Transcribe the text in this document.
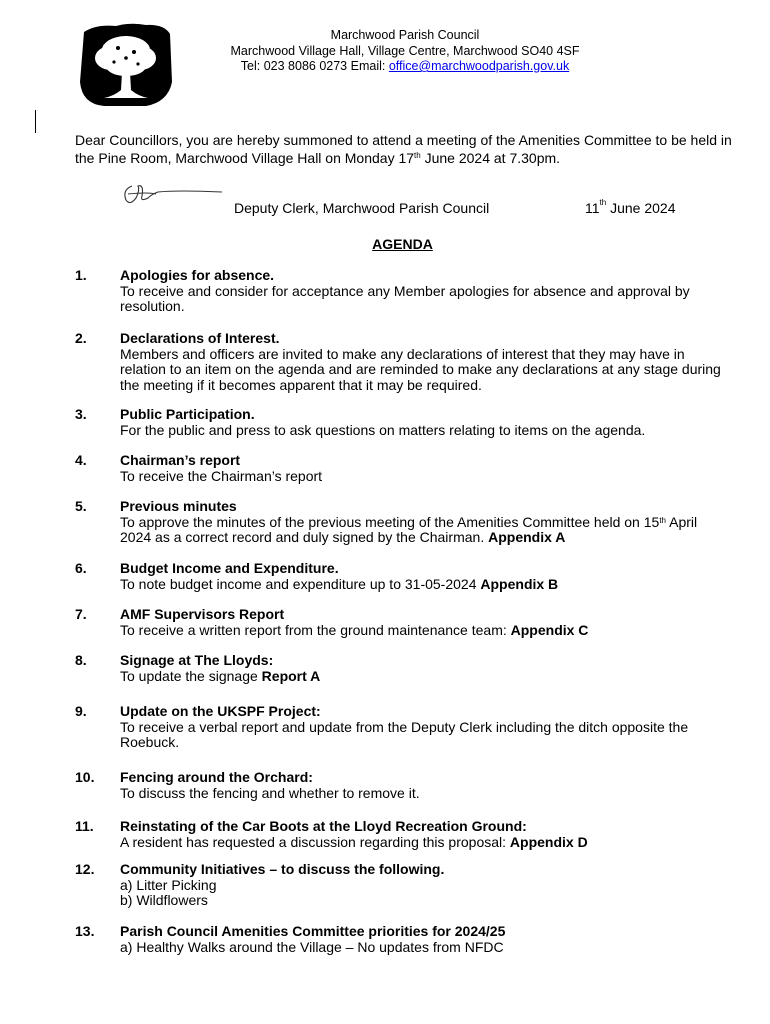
Marchwood Parish Council
Marchwood Village Hall, Village Centre, Marchwood SO40 4SF
Tel: 023 8086 0273 Email: office@marchwoodparish.gov.uk
Dear Councillors, you are hereby summoned to attend a meeting of the Amenities Committee to be held in the Pine Room, Marchwood Village Hall on Monday 17th June 2024 at 7.30pm.
Deputy Clerk, Marchwood Parish Council	11th June 2024
AGENDA
1. Apologies for absence.
To receive and consider for acceptance any Member apologies for absence and approval by resolution.
2. Declarations of Interest.
Members and officers are invited to make any declarations of interest that they may have in relation to an item on the agenda and are reminded to make any declarations at any stage during the meeting if it becomes apparent that it may be required.
3. Public Participation.
For the public and press to ask questions on matters relating to items on the agenda.
4. Chairman’s report
To receive the Chairman’s report
5. Previous minutes
To approve the minutes of the previous meeting of the Amenities Committee held on 15th April 2024 as a correct record and duly signed by the Chairman. Appendix A
6. Budget Income and Expenditure.
To note budget income and expenditure up to 31-05-2024 Appendix B
7. AMF Supervisors Report
To receive a written report from the ground maintenance team: Appendix C
8. Signage at The Lloyds:
To update the signage Report A
9. Update on the UKSPF Project:
To receive a verbal report and update from the Deputy Clerk including the ditch opposite the Roebuck.
10. Fencing around the Orchard:
To discuss the fencing and whether to remove it.
11. Reinstating of the Car Boots at the Lloyd Recreation Ground:
A resident has requested a discussion regarding this proposal: Appendix D
12. Community Initiatives – to discuss the following.
a) Litter Picking
b) Wildflowers
13. Parish Council Amenities Committee priorities for 2024/25
a) Healthy Walks around the Village – No updates from NFDC
